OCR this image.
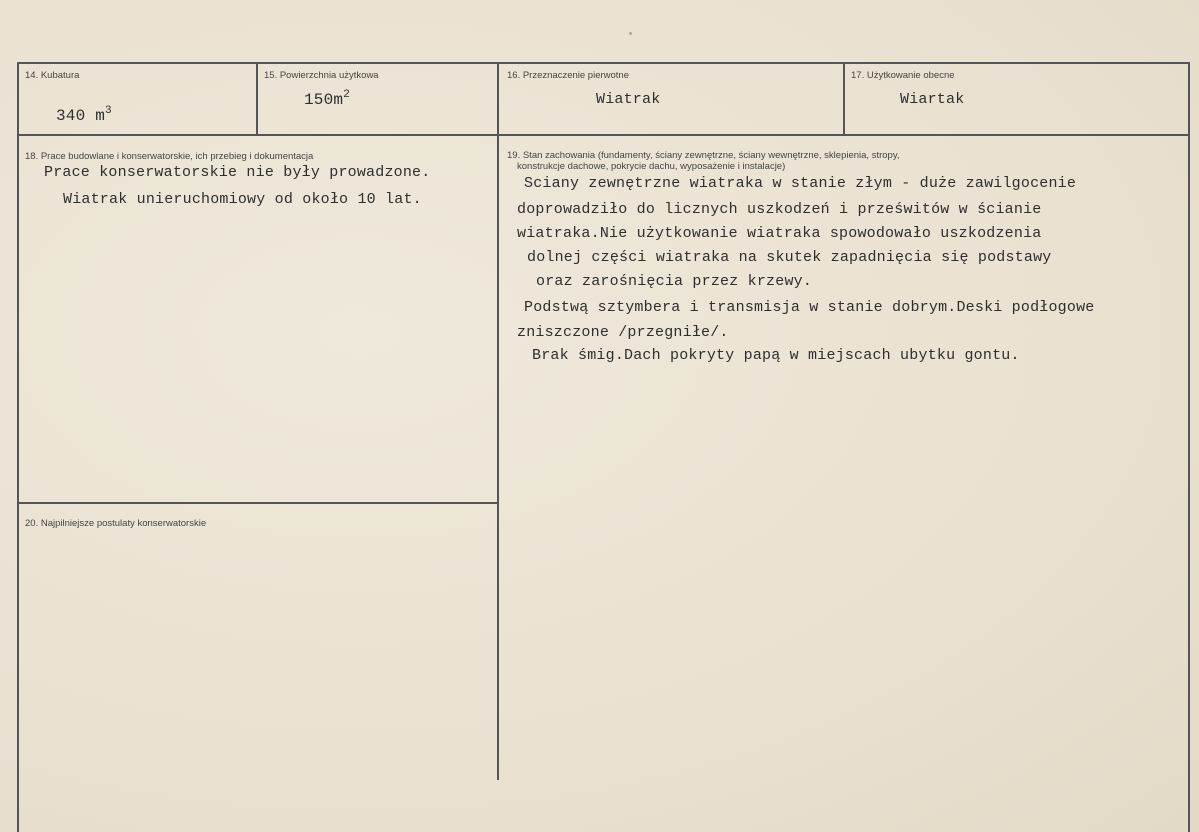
14. Kubatura
340 $m^3$
15. Powierzchnia użytkowa
$150m^2$
16. Przeznaczenie pierwotne
Wiatrak
17. Użytkowanie obecne
Wiartak
18. Prace budowlane i konserwatorskie, ich przebieg i dokumentacja
Prace konserwatorskie nie były prowadzone.
Wiatrak unieruchomiowy od około 10 lat.
19. Stan zachowania (fundamenty, ściany zewnętrzne, ściany wewnętrzne, sklepienia, stropy,
konstrukcje dachowe, pokrycie dachu, wyposażenie i instalacje)
Sciany zewnętrzne wiatraka w stanie złym - duże zawilgocenie
doprowadziło do licznych uszkodzeń i prześwitów w ścianie
wiatraka.Nie użytkowanie wiatraka spowodowało uszkodzenia
dolnej części wiatraka na skutek zapadnięcia się podstawy
oraz zarośnięcia przez krzewy.
Podstwą sztymbera i transmisja w stanie dobrym.Deski podłogowe
zniszczone /przegniłe/.
Brak śmig.Dach pokryty papą w miejscach ubytku gontu.
20. Najpilniejsze postulaty konserwatorskie
